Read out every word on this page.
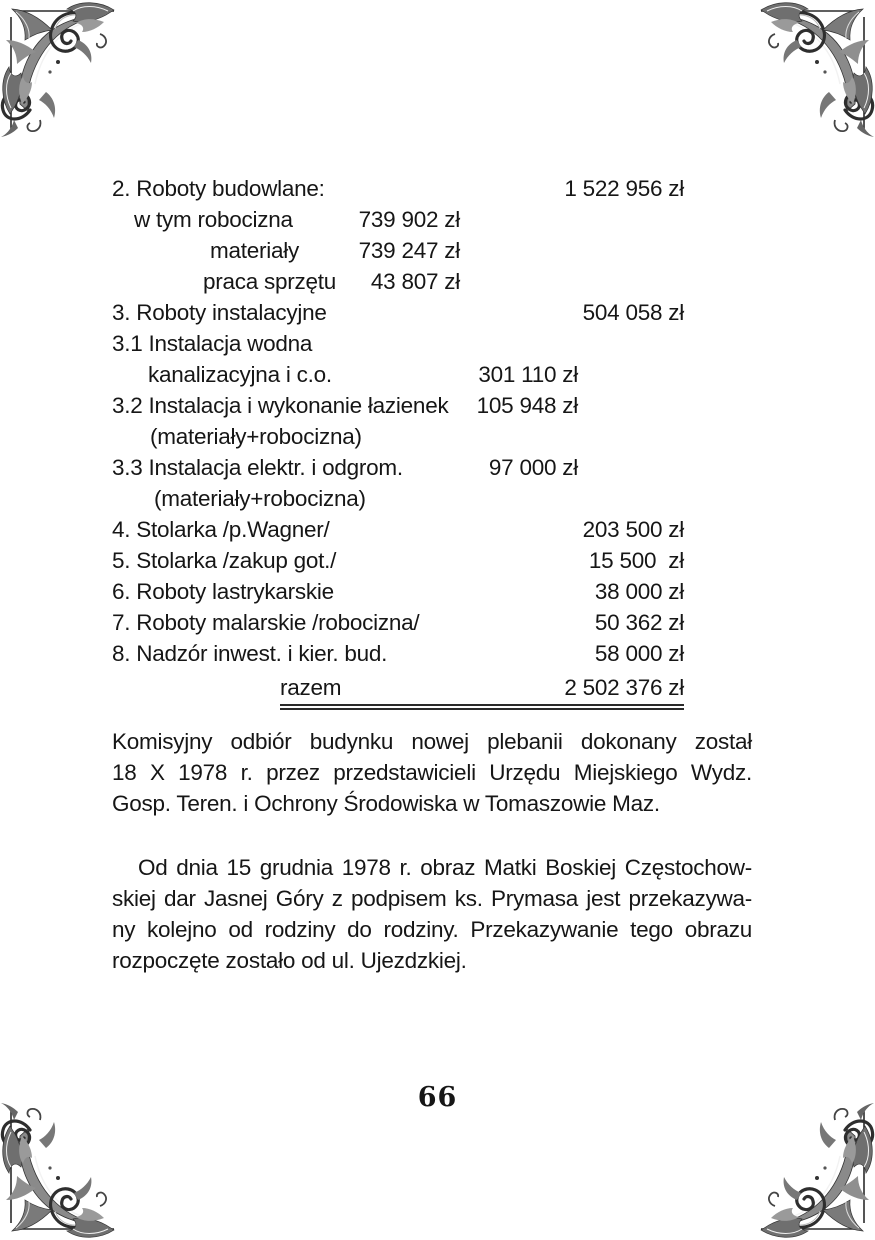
2. Roboty budowlane:	1 522 956 zł
w tym robocizna	739 902 zł
materiały	739 247 zł
praca sprzętu 43 807 zł
3. Roboty instalacyjne	504 058 zł
3.1 Instalacja wodna
kanalizacyjna i c.o.	301 110 zł
3.2 Instalacja i wykonanie łazienek 105 948 zł
(materiały+robocizna)
3.3 Instalacja elektr. i odgrom.	97 000 zł
(materiały+robocizna)
4. Stolarka /p.Wagner/	203 500 zł
5. Stolarka /zakup got./	15 500  zł
6. Roboty lastrykarskie	38 000 zł
7. Roboty malarskie /robocizna/	50 362 zł
8. Nadzór inwest. i kier. bud.	58 000 zł
razem	2 502 376 zł
Komisyjny odbiór budynku nowej plebanii dokonany został
18 X 1978 r. przez przedstawicieli Urzędu Miejskiego Wydz.
Gosp. Teren. i Ochrony Środowiska w Tomaszowie Maz.
Od dnia 15 grudnia 1978 r. obraz Matki Boskiej Częstochow-
skiej dar Jasnej Góry z podpisem ks. Prymasa jest przekazywa-
ny kolejno od rodziny do rodziny. Przekazywanie tego obrazu
rozpoczęte zostało od ul. Ujezdzkiej.
66
